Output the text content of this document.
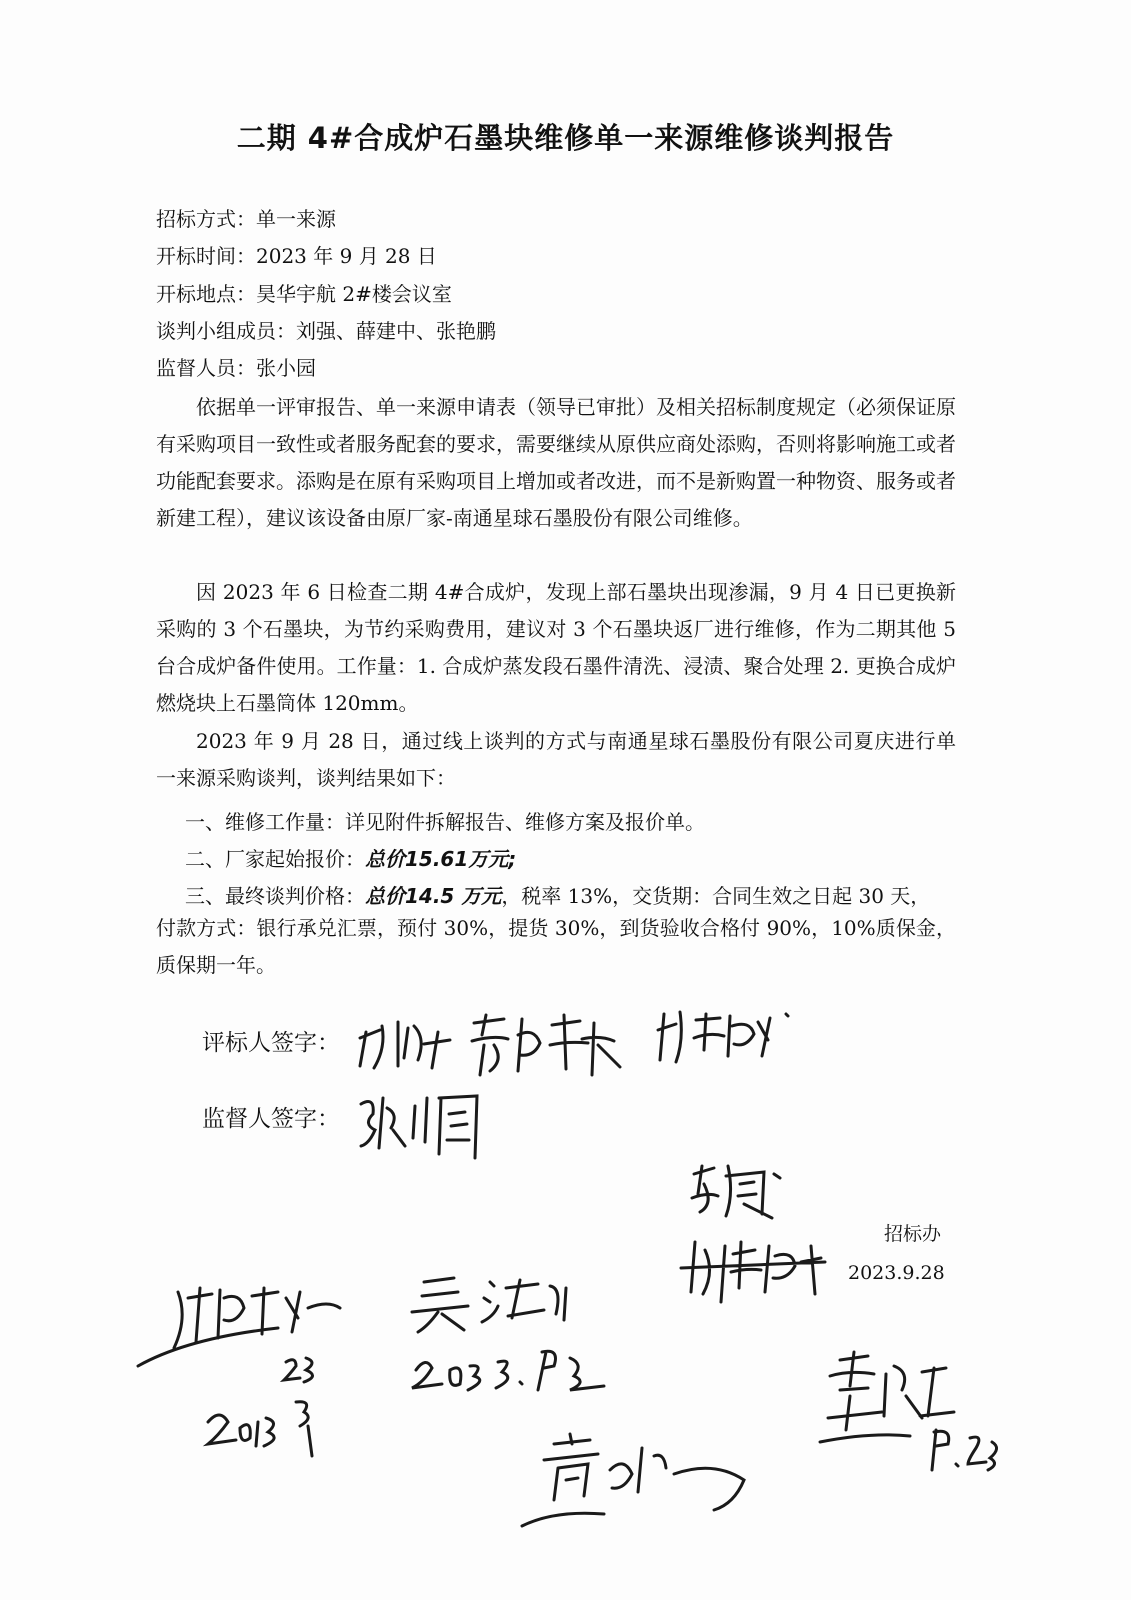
二期 4#合成炉石墨块维修单一来源维修谈判报告
招标方式：单一来源
开标时间：2023 年 9 月 28 日
开标地点：昊华宇航 2#楼会议室
谈判小组成员：刘强、薛建中、张艳鹏
监督人员：张小园
依据单一评审报告、单一来源申请表（领导已审批）及相关招标制度规定（必须保证原有采购项目一致性或者服务配套的要求，需要继续从原供应商处添购，否则将影响施工或者功能配套要求。添购是在原有采购项目上增加或者改进，而不是新购置一种物资、服务或者新建工程），建议该设备由原厂家-南通星球石墨股份有限公司维修。
因 2023 年 6 日检查二期 4#合成炉，发现上部石墨块出现渗漏，9 月 4 日已更换新采购的 3 个石墨块，为节约采购费用，建议对 3 个石墨块返厂进行维修，作为二期其他 5 台合成炉备件使用。工作量：1. 合成炉蒸发段石墨件清洗、浸渍、聚合处理 2. 更换合成炉燃烧块上石墨筒体 120mm。
2023 年 9 月 28 日，通过线上谈判的方式与南通星球石墨股份有限公司夏庆进行单一来源采购谈判，谈判结果如下：
一、维修工作量：详见附件拆解报告、维修方案及报价单。
二、厂家起始报价：总价15.61万元;
三、最终谈判价格：总价14.5 万元，税率 13%，交货期：合同生效之日起 30 天，
付款方式：银行承兑汇票，预付 30%，提货 30%，到货验收合格付 90%，10%质保金，质保期一年。
评标人签字：
监督人签字：
招标办
2023.9.28
